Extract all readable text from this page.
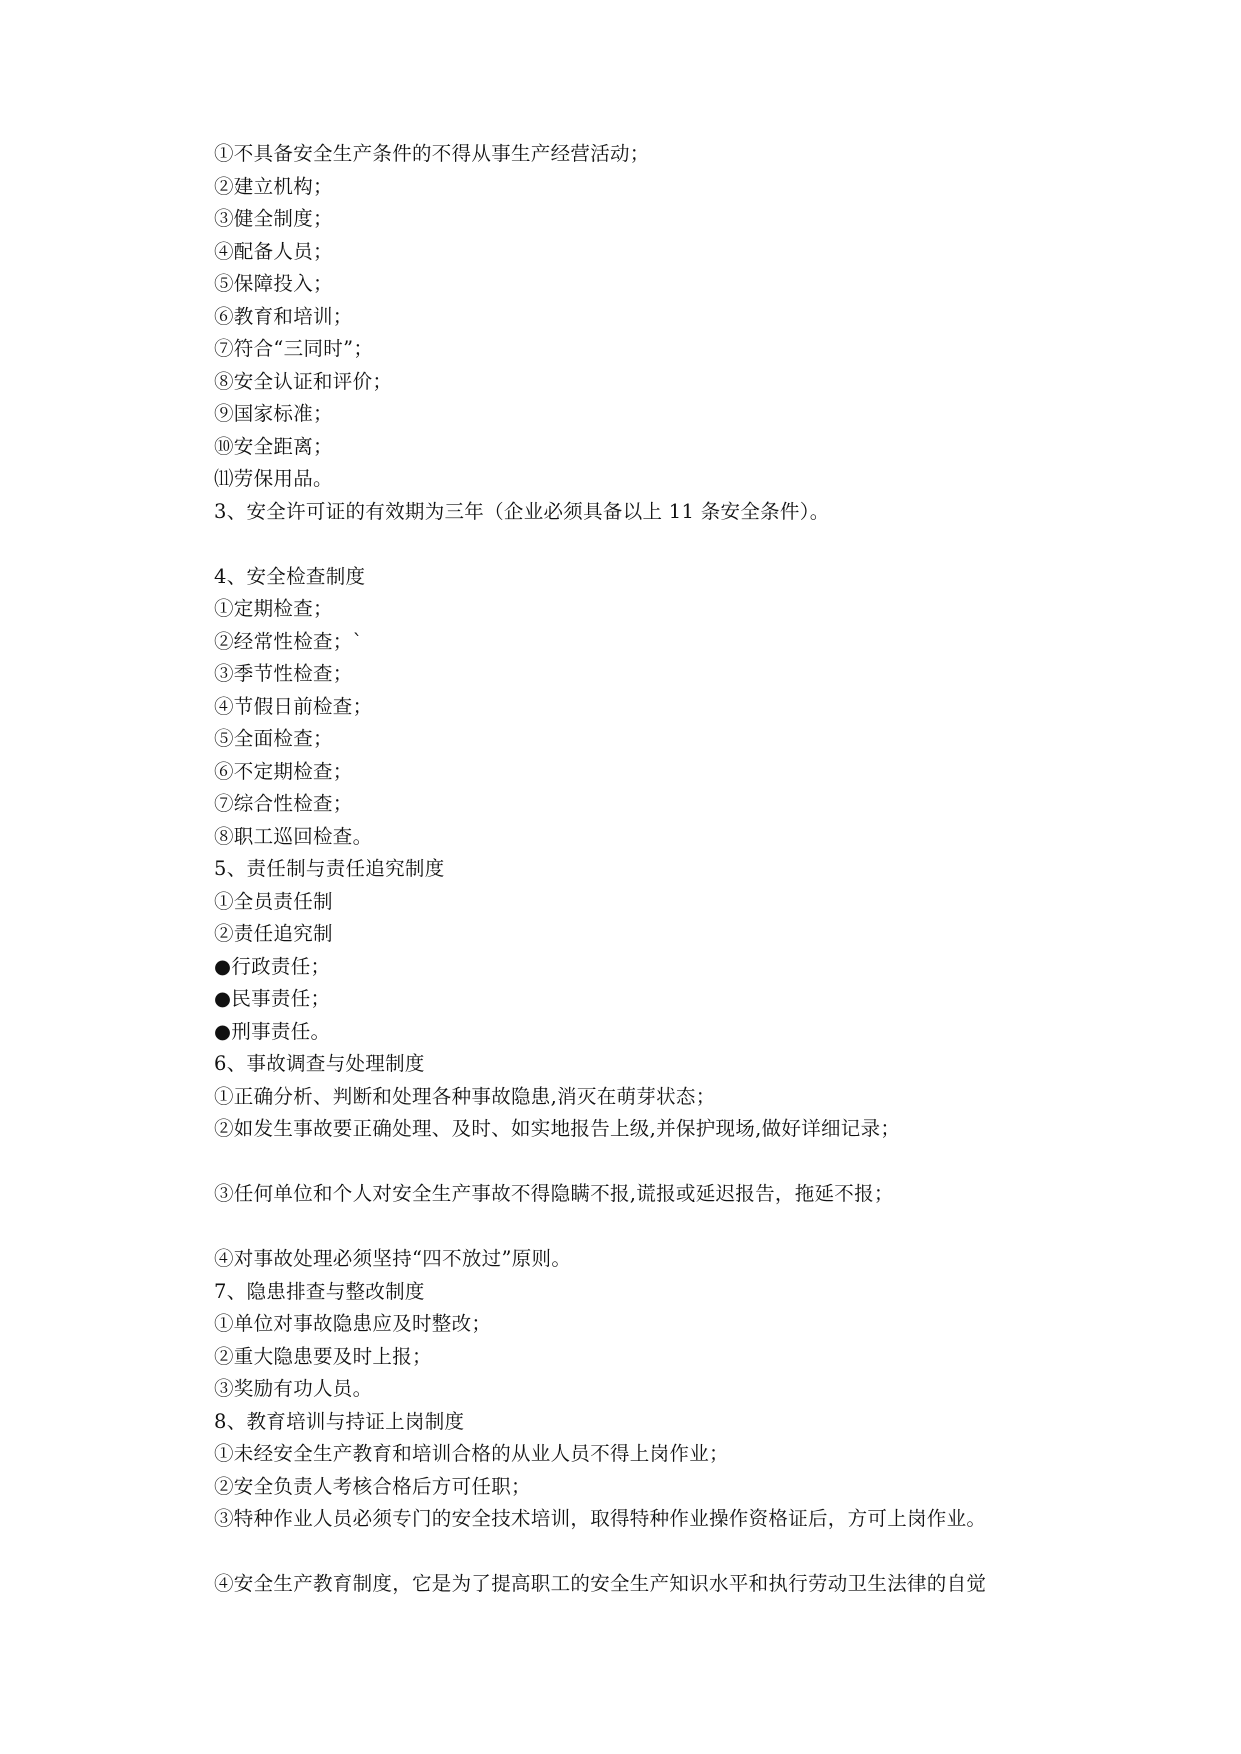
①不具备安全生产条件的不得从事生产经营活动；
②建立机构；
③健全制度；
④配备人员；
⑤保障投入；
⑥教育和培训；
⑦符合“三同时”；
⑧安全认证和评价；
⑨国家标准；
⑩安全距离；
⑾劳保用品。
3、安全许可证的有效期为三年（企业必须具备以上 11 条安全条件）。
4、安全检查制度
①定期检查；
②经常性检查；`
③季节性检查；
④节假日前检查；
⑤全面检查；
⑥不定期检查；
⑦综合性检查；
⑧职工巡回检查。
5、责任制与责任追究制度
①全员责任制
②责任追究制
●行政责任；
●民事责任；
●刑事责任。
6、事故调查与处理制度
①正确分析、判断和处理各种事故隐患,消灭在萌芽状态；
②如发生事故要正确处理、及时、如实地报告上级,并保护现场,做好详细记录；
③任何单位和个人对安全生产事故不得隐瞒不报,谎报或延迟报告，拖延不报；
④对事故处理必须坚持“四不放过”原则。
7、隐患排查与整改制度
①单位对事故隐患应及时整改；
②重大隐患要及时上报；
③奖励有功人员。
8、教育培训与持证上岗制度
①未经安全生产教育和培训合格的从业人员不得上岗作业；
②安全负责人考核合格后方可任职；
③特种作业人员必须专门的安全技术培训，取得特种作业操作资格证后，方可上岗作业。
④安全生产教育制度，它是为了提高职工的安全生产知识水平和执行劳动卫生法律的自觉
